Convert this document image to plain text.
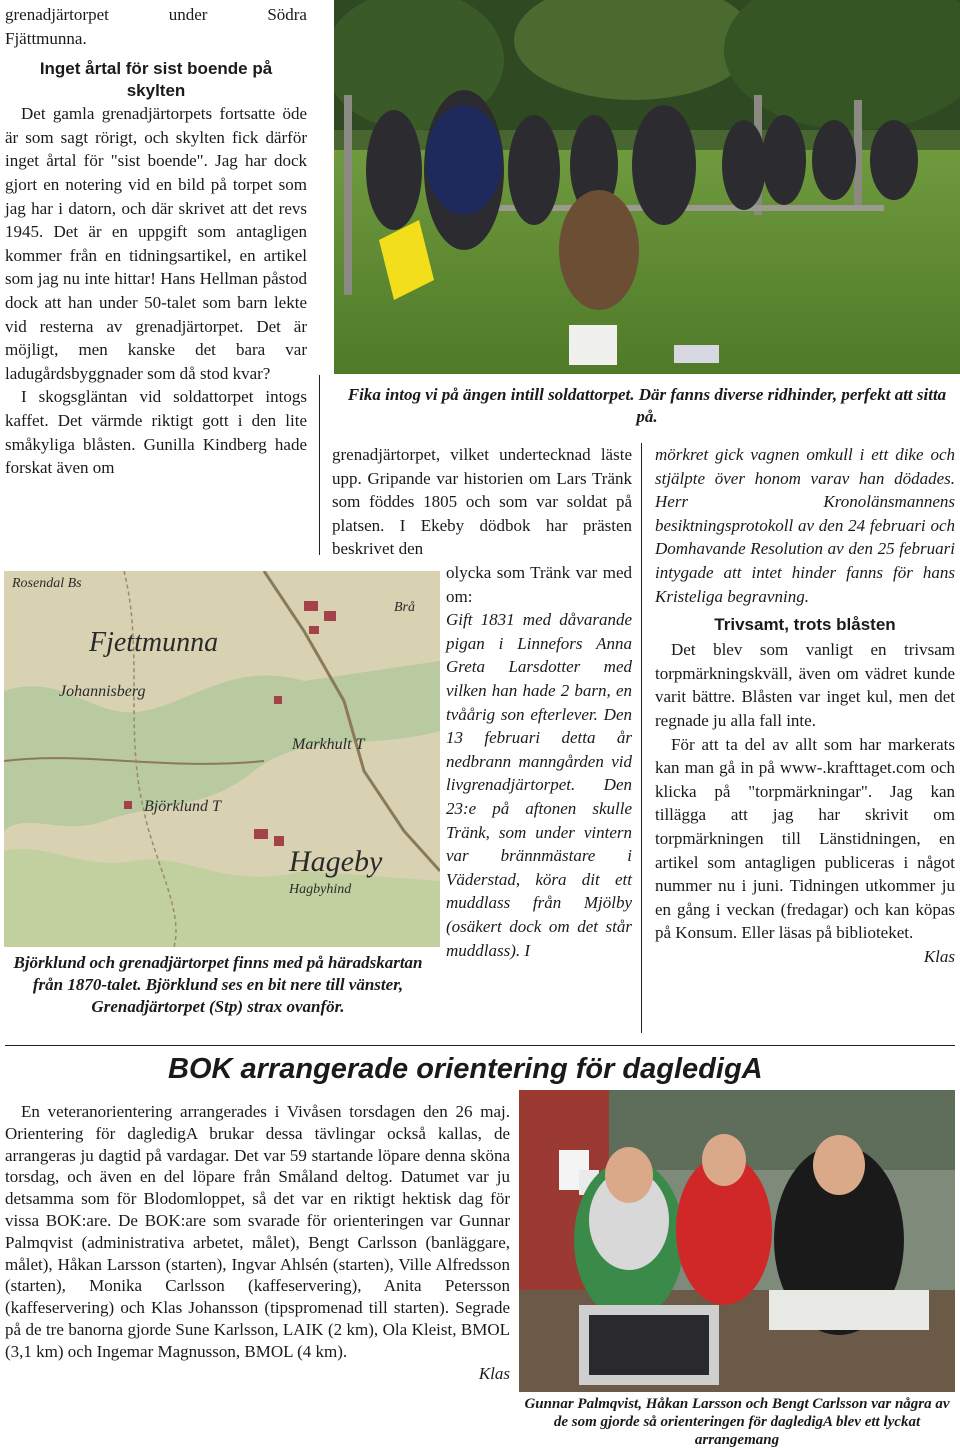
grenadjärtorpet	under	Södra
Fjättmunna.
Inget årtal för sist boende på skylten

Det gamla grenadjärtorpets fortsatte öde är som sagt rörigt, och skylten fick därför inget årtal för "sist boende". Jag har dock gjort en notering vid en bild på torpet som jag har i datorn, och där skrivet att det revs 1945. Det är en uppgift som antagligen kommer från en tidningsartikel, en artikel som jag nu inte hittar! Hans Hellman påstod dock att han under 50-talet som barn lekte vid resterna av grenadjärtorpet. Det är möjligt, men kanske det bara var ladugårdsbyggnader som då stod kvar?

I skogsgläntan vid soldattorpet intogs kaffet. Det värmde riktigt gott i den lite småkyliga blåsten. Gunilla Kindberg hade forskat även om

Fika intog vi på ängen intill soldattorpet. Där fanns diverse ridhinder, perfekt att sitta på.
Rosendal Bs
Fjettmunna
Brå
Johannisberg
Markhult T
Björklund T
Hageby
Hagbyhind
Björklund och grenadjärtorpet finns med på häradskartan från 1870-talet. Björklund ses en bit nere till vänster, Grenadjärtorpet (Stp) strax ovanför.

grenadjärtorpet, vilket undertecknad läste upp. Gripande var historien om Lars Tränk som föddes 1805 och som var soldat på platsen. I Ekeby dödbok har prästen beskrivet den

olycka som Tränk var med om:

Gift 1831 med dåvarande pigan i Linnefors Anna Greta Larsdotter med vilken han hade 2 barn, en tvåårig son efterlever. Den 13 februari detta år nedbrann manngården vid livgrenadjärtorpet. Den 23:e på aftonen skulle Tränk, som under vintern var brännmästare i Väderstad, köra dit ett muddlass från Mjölby (osäkert dock om det står muddlass). I

mörkret gick vagnen omkull i ett dike och stjälpte över honom varav han dödades. Herr Kronolänsmannens besiktningsprotokoll av den 24 februari och Domhavande Resolution av den 25 februari intygade att intet hinder fanns för hans Kristeliga begravning.

Trivsamt, trots blåsten

Det blev som vanligt en trivsam torpmärkningskväll, även om vädret kunde varit bättre. Blåsten var inget kul, men det regnade ju alla fall inte.

För att ta del av allt som har markerats kan man gå in på www-.krafttaget.com och klicka på "torpmärkningar". Jag kan tillägga att jag har skrivit om torpmärkningen till Länstidningen, en artikel som antagligen publiceras i något nummer nu i juni. Tidningen utkommer ju en gång i veckan (fredagar) och kan köpas på Konsum. Eller läsas på biblioteket.

Klas
BOK arrangerade orientering för dagledigA

En veteranorientering arrangerades i Vivåsen torsdagen den 26 maj. Orientering för dagledigA brukar dessa tävlingar också kallas, de arrangeras ju dagtid på vardagar. Det var 59 startande löpare denna sköna torsdag, och även en del löpare från Småland deltog. Datumet var ju detsamma som för Blodomloppet, så det var en riktigt hektisk dag för vissa BOK:are. De BOK:are som svarade för orienteringen var Gunnar Palmqvist (administrativa arbetet, målet), Bengt Carlsson (banläggare, målet), Håkan Larsson (starten), Ingvar Ahlsén (starten), Ville Alfredsson (starten), Monika Carlsson (kaffeservering), Anita Petersson (kaffeservering) och Klas Johansson (tipspromenad till starten). Segrade på de tre banorna gjorde Sune Karlsson, LAIK (2 km), Ola Kleist, BMOL (3,1 km) och Ingemar Magnusson, BMOL (4 km).

Klas
Gunnar Palmqvist, Håkan Larsson och Bengt Carlsson var några av de som gjorde så orienteringen för dagledigA blev ett lyckat arrangemang
